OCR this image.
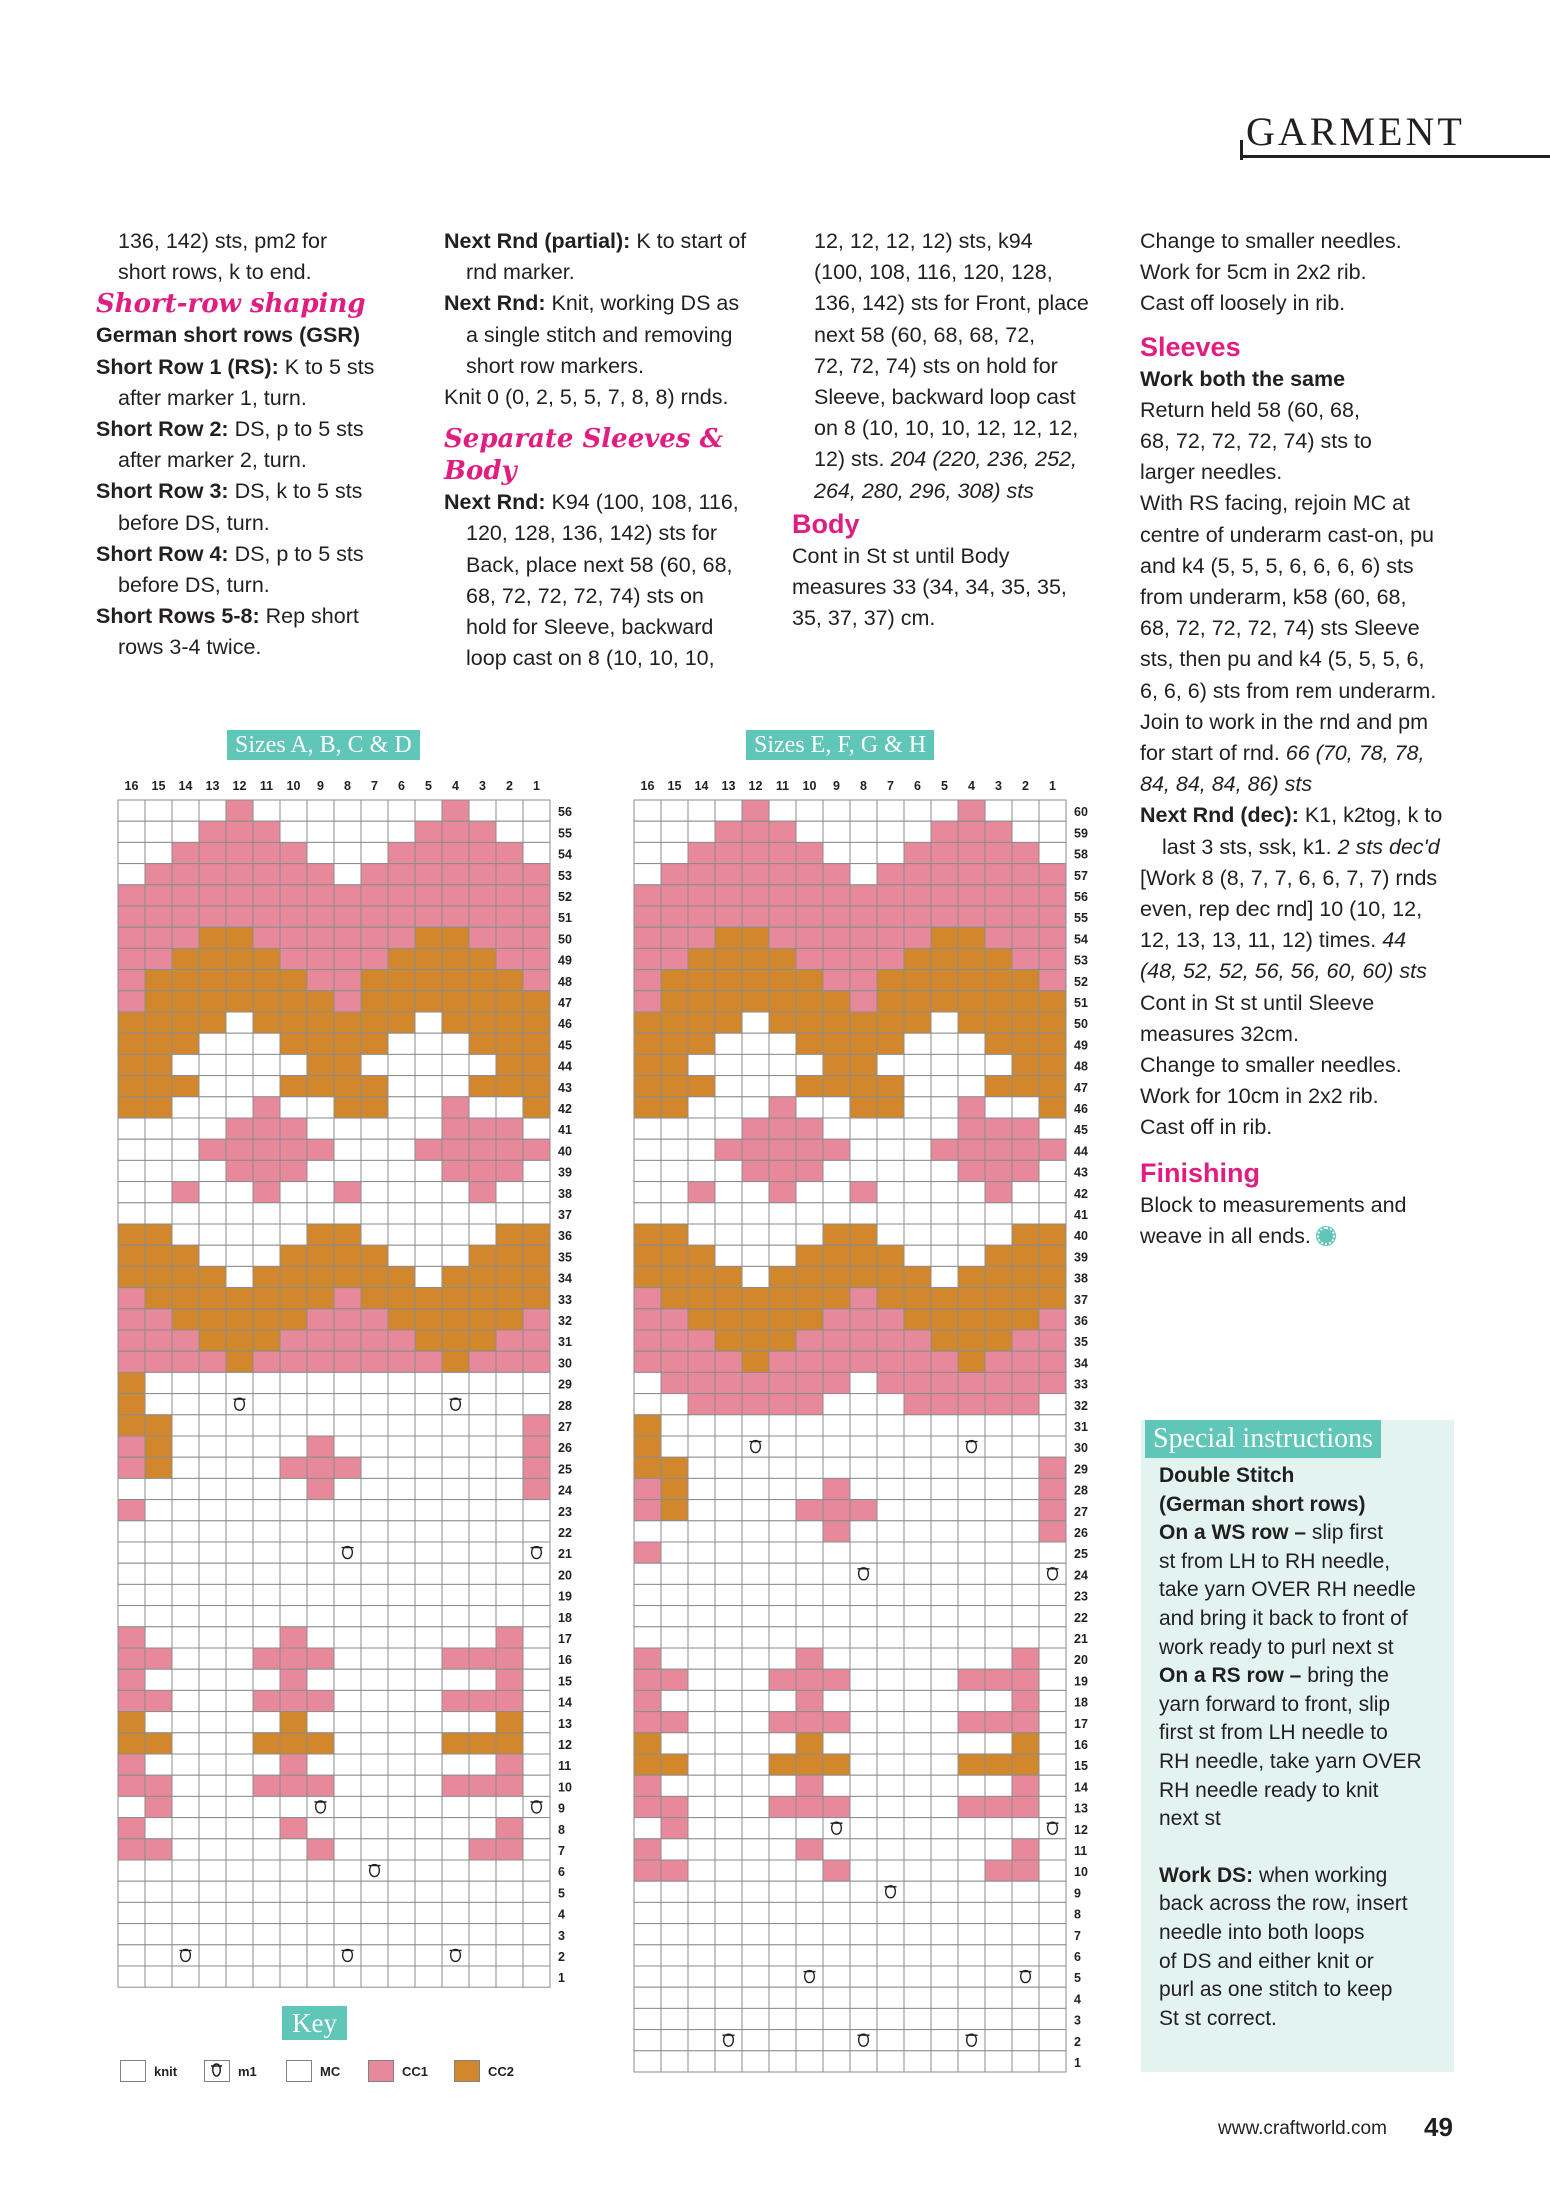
GARMENT

136, 142) sts, pm2 for

short rows, k to end.

Short-row shaping

German short rows (GSR)

Short Row 1 (RS): K to 5 sts

after marker 1, turn.

Short Row 2: DS, p to 5 sts

after marker 2, turn.

Short Row 3: DS, k to 5 sts

before DS, turn.

Short Row 4: DS, p to 5 sts

before DS, turn.

Short Rows 5-8: Rep short

rows 3-4 twice.

Next Rnd (partial): K to start of

rnd marker.

Next Rnd: Knit, working DS as

a single stitch and removing

short row markers.

Knit 0 (0, 2, 5, 5, 7, 8, 8) rnds.

Separate Sleeves & Body

Next Rnd: K94 (100, 108, 116,

120, 128, 136, 142) sts for

Back, place next 58 (60, 68,

68, 72, 72, 72, 74) sts on

hold for Sleeve, backward

loop cast on 8 (10, 10, 10,

12, 12, 12, 12) sts, k94

(100, 108, 116, 120, 128,

136, 142) sts for Front, place

next 58 (60, 68, 68, 72,

72, 72, 74) sts on hold for

Sleeve, backward loop cast

on 8 (10, 10, 10, 12, 12, 12,

12) sts. 204 (220, 236, 252,

264, 280, 296, 308) sts

Body

Cont in St st until Body

measures 33 (34, 34, 35, 35,

35, 37, 37) cm.

Change to smaller needles.

Work for 5cm in 2x2 rib.

Cast off loosely in rib.

Sleeves

Work both the same

Return held 58 (60, 68,

68, 72, 72, 72, 74) sts to

larger needles.

With RS facing, rejoin MC at

centre of underarm cast-on, pu

and k4 (5, 5, 5, 6, 6, 6, 6) sts

from underarm, k58 (60, 68,

68, 72, 72, 72, 74) sts Sleeve

sts, then pu and k4 (5, 5, 5, 6,

6, 6, 6) sts from rem underarm.

Join to work in the rnd and pm

for start of rnd. 66 (70, 78, 78,

84, 84, 84, 86) sts

Next Rnd (dec): K1, k2tog, k to

last 3 sts, ssk, k1. 2 sts dec'd

[Work 8 (8, 7, 7, 6, 6, 7, 7) rnds

even, rep dec rnd] 10 (10, 12,

12, 13, 13, 11, 12) times. 44

(48, 52, 52, 56, 56, 60, 60) sts

Cont in St st until Sleeve

measures 32cm.

Change to smaller needles.

Work for 10cm in 2x2 rib.

Cast off in rib.

Finishing

Block to measurements and

weave in all ends.

Sizes A, B, C & D	Sizes E, F, G & H
16 15 14 13 12 11 10 9 8 7 6 5 4 3 2 1
56
55
54
53
52
51
50
49
48
47
46
45
44
43
42
41
40
39
38
37
36
35
34
33
32
31
30
29
28
27
26
25
24
23
22
21
20
19
18
17
16
15
14
13
12
11
10
9
8
7
6
5
4
3
2
1
16 15 14 13 12 11 10 9 8 7 6 5 4 3 2 1
60
59
58
57
56
55
54
53
52
51
50
49
48
47
46
45
44
43
42
41
40
39
38
37
36
35
34
33
32
31
30
29
28
27
26
25
24
23
22
21
20
19
18
17
16
15
14
13
12
11
10
9
8
7
6
5
4
3
2
1
Key
knit	m1	MC	CC1	CC2
Special instructions

Double Stitch

(German short rows)

On a WS row – slip first

st from LH to RH needle,

take yarn OVER RH needle

and bring it back to front of

work ready to purl next st

On a RS row – bring the

yarn forward to front, slip

first st from LH needle to

RH needle, take yarn OVER

RH needle ready to knit

next st

Work DS: when working

back across the row, insert

needle into both loops

of DS and either knit or

purl as one stitch to keep

St st correct.

www.craftworld.com 49
